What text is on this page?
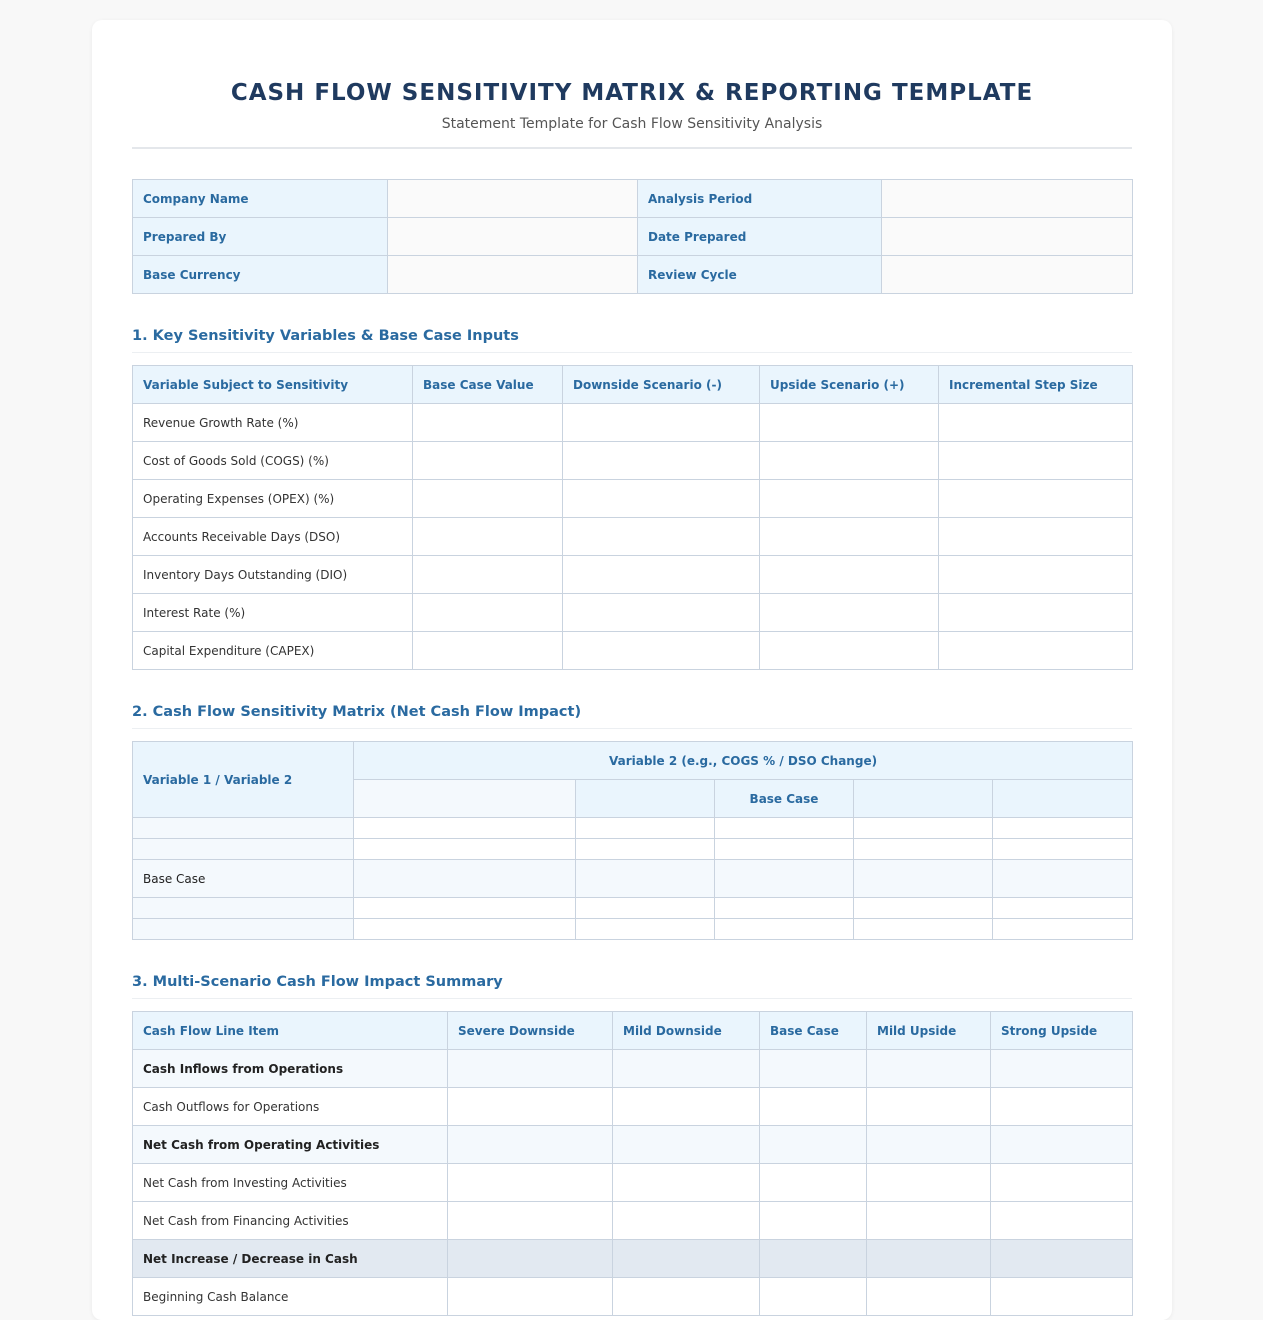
CASH FLOW SENSITIVITY MATRIX & REPORTING TEMPLATE
Statement Template for Cash Flow Sensitivity Analysis
Company Name		Analysis Period	
Prepared By		Date Prepared	
Base Currency		Review Cycle	
1. Key Sensitivity Variables & Base Case Inputs
Variable Subject to Sensitivity	Base Case Value	Downside Scenario (-)	Upside Scenario (+)	Incremental Step Size
Revenue Growth Rate (%)				
Cost of Goods Sold (COGS) (%)				
Operating Expenses (OPEX) (%)				
Accounts Receivable Days (DSO)				
Inventory Days Outstanding (DIO)				
Interest Rate (%)				
Capital Expenditure (CAPEX)				
2. Cash Flow Sensitivity Matrix (Net Cash Flow Impact)
Variable 1 / Variable 2	Variable 2 (e.g., COGS % / DSO Change)				
			Base Case		

Base Case					

3. Multi-Scenario Cash Flow Impact Summary
Cash Flow Line Item	Severe Downside	Mild Downside	Base Case	Mild Upside	Strong Upside
Cash Inflows from Operations					
Cash Outflows for Operations					
Net Cash from Operating Activities					
Net Cash from Investing Activities					
Net Cash from Financing Activities					
Net Increase / Decrease in Cash					
Beginning Cash Balance					
